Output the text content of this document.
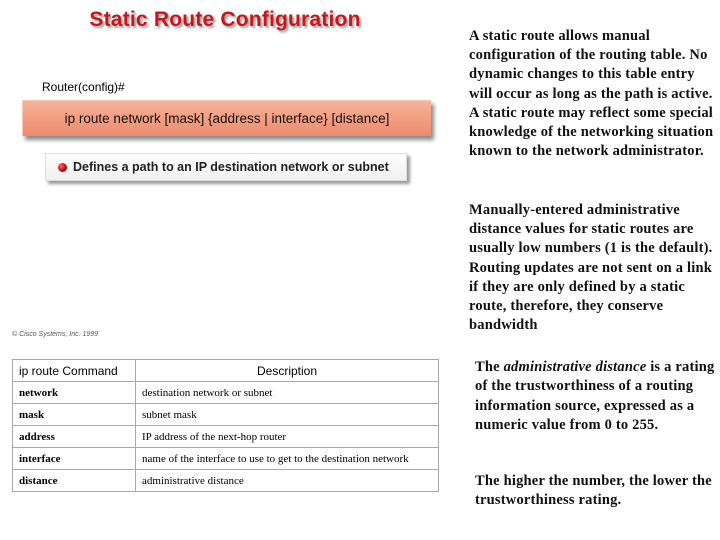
Static Route Configuration
Router(config)#
ip route network [mask] {address | interface} [distance]
Defines a path to an IP destination network or subnet
© Cisco Systems, Inc. 1999
ip route Command	Description
network	destination network or subnet
mask	subnet mask
address	IP address of the next-hop router
interface	name of the interface to use to get to the destination network
distance	administrative distance
A static route allows manual configuration of the routing table. No dynamic changes to this table entry will occur as long as the path is active. A static route may reflect some special knowledge of the networking situation known to the network administrator.
Manually-entered administrative distance values for static routes are usually low numbers (1 is the default).
Routing updates are not sent on a link if they are only defined by a static route, therefore, they conserve bandwidth
The administrative distance is a rating of the trustworthiness of a routing information source, expressed as a numeric value from 0 to 255.
The higher the number, the lower the trustworthiness rating.
